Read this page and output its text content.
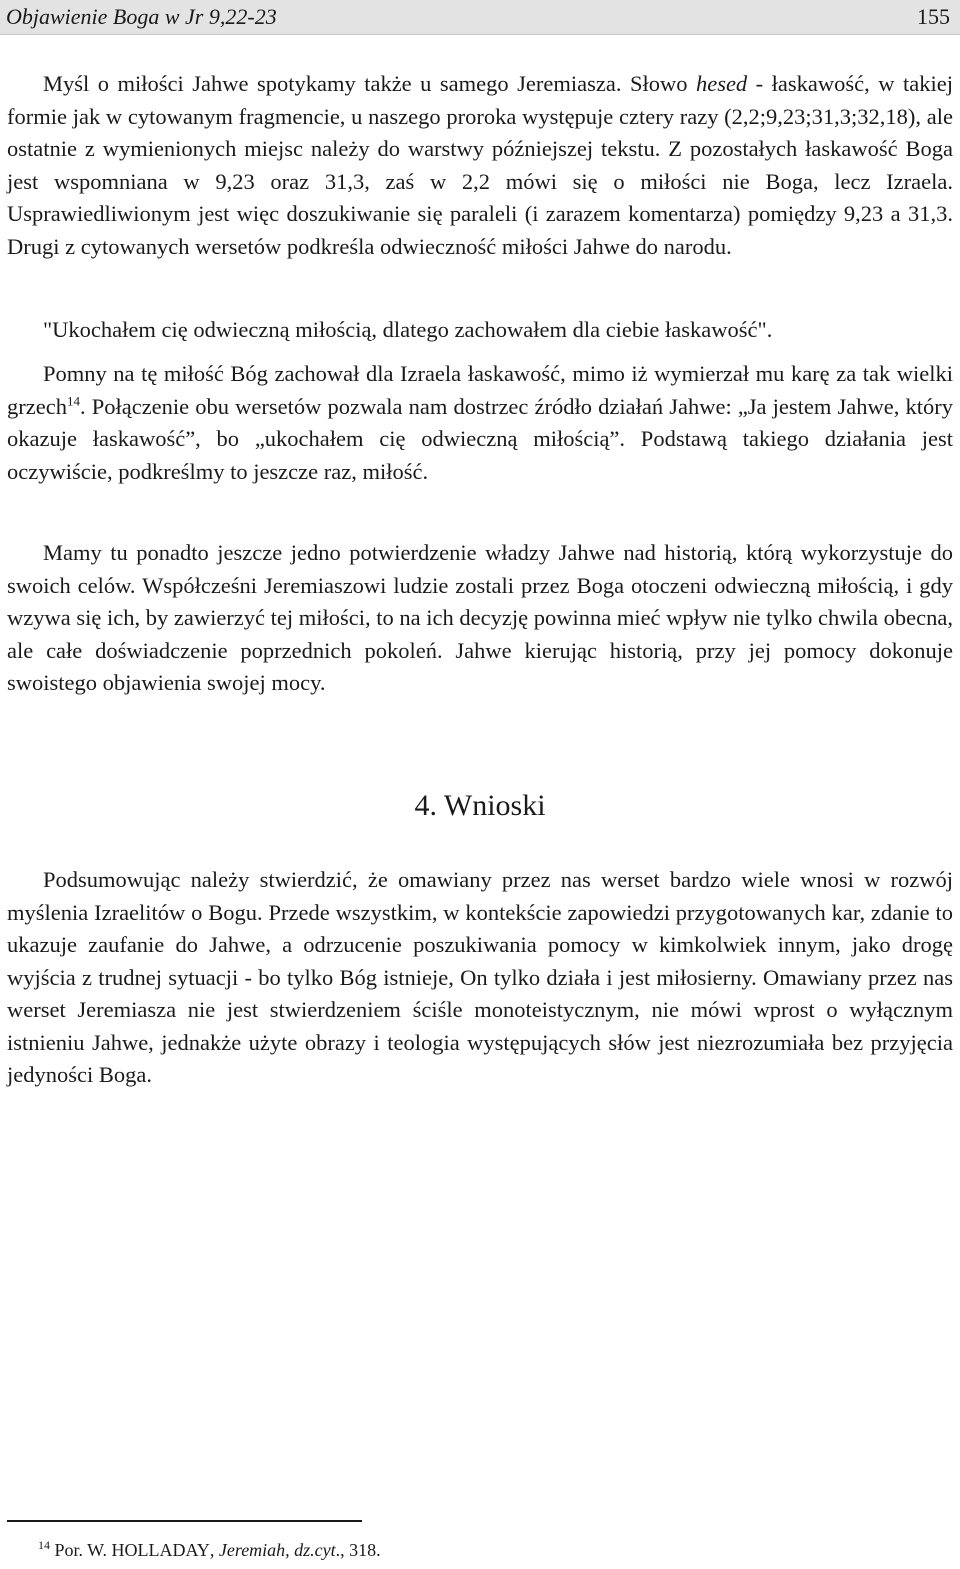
Objawienie Boga w Jr 9,22-23	155

Myśl o miłości Jahwe spotykamy także u samego Jeremiasza. Słowo hesed - łaskawość, w takiej formie jak w cytowanym fragmencie, u naszego proroka występuje cztery razy (2,2;9,23;31,3;32,18), ale ostatnie z wymienionych miejsc należy do warstwy późniejszej tekstu. Z pozostałych łaskawość Boga jest wspomniana w 9,23 oraz 31,3, zaś w 2,2 mówi się o miłości nie Boga, lecz Izraela. Usprawiedliwionym jest więc doszukiwanie się paraleli (i zarazem komentarza) pomiędzy 9,23 a 31,3. Drugi z cytowanych wersetów podkreśla odwieczność miłości Jahwe do narodu.

"Ukochałem cię odwieczną miłością, dlatego zachowałem dla ciebie łaskawość".

Pomny na tę miłość Bóg zachował dla Izraela łaskawość, mimo iż wymierzał mu karę za tak wielki grzech$^{14}$. Połączenie obu wersetów pozwala nam dostrzec źródło działań Jahwe: „Ja jestem Jahwe, który okazuje łaskawość”, bo „ukochałem cię odwieczną miłością”. Podstawą takiego działania jest oczywiście, podkreślmy to jeszcze raz, miłość.

Mamy tu ponadto jeszcze jedno potwierdzenie władzy Jahwe nad historią, którą wykorzystuje do swoich celów. Współcześni Jeremiaszowi ludzie zostali przez Boga otoczeni odwieczną miłością, i gdy wzywa się ich, by zawierzyć tej miłości, to na ich decyzję powinna mieć wpływ nie tylko chwila obecna, ale całe doświadczenie poprzednich pokoleń. Jahwe kierując historią, przy jej pomocy dokonuje swoistego objawienia swojej mocy.

4. Wnioski

Podsumowując należy stwierdzić, że omawiany przez nas werset bardzo wiele wnosi w rozwój myślenia Izraelitów o Bogu. Przede wszystkim, w kontekście zapowiedzi przygotowanych kar, zdanie to ukazuje zaufanie do Jahwe, a odrzucenie poszukiwania pomocy w kimkolwiek innym, jako drogę wyjścia z trudnej sytuacji - bo tylko Bóg istnieje, On tylko działa i jest miłosierny. Omawiany przez nas werset Jeremiasza nie jest stwierdzeniem ściśle monoteistycznym, nie mówi wprost o wyłącznym istnieniu Jahwe, jednakże użyte obrazy i teologia występujących słów jest niezrozumiała bez przyjęcia jedyności Boga.

$^{14}$ Por. W. HOLLADAY, Jeremiah, dz.cyt., 318.
